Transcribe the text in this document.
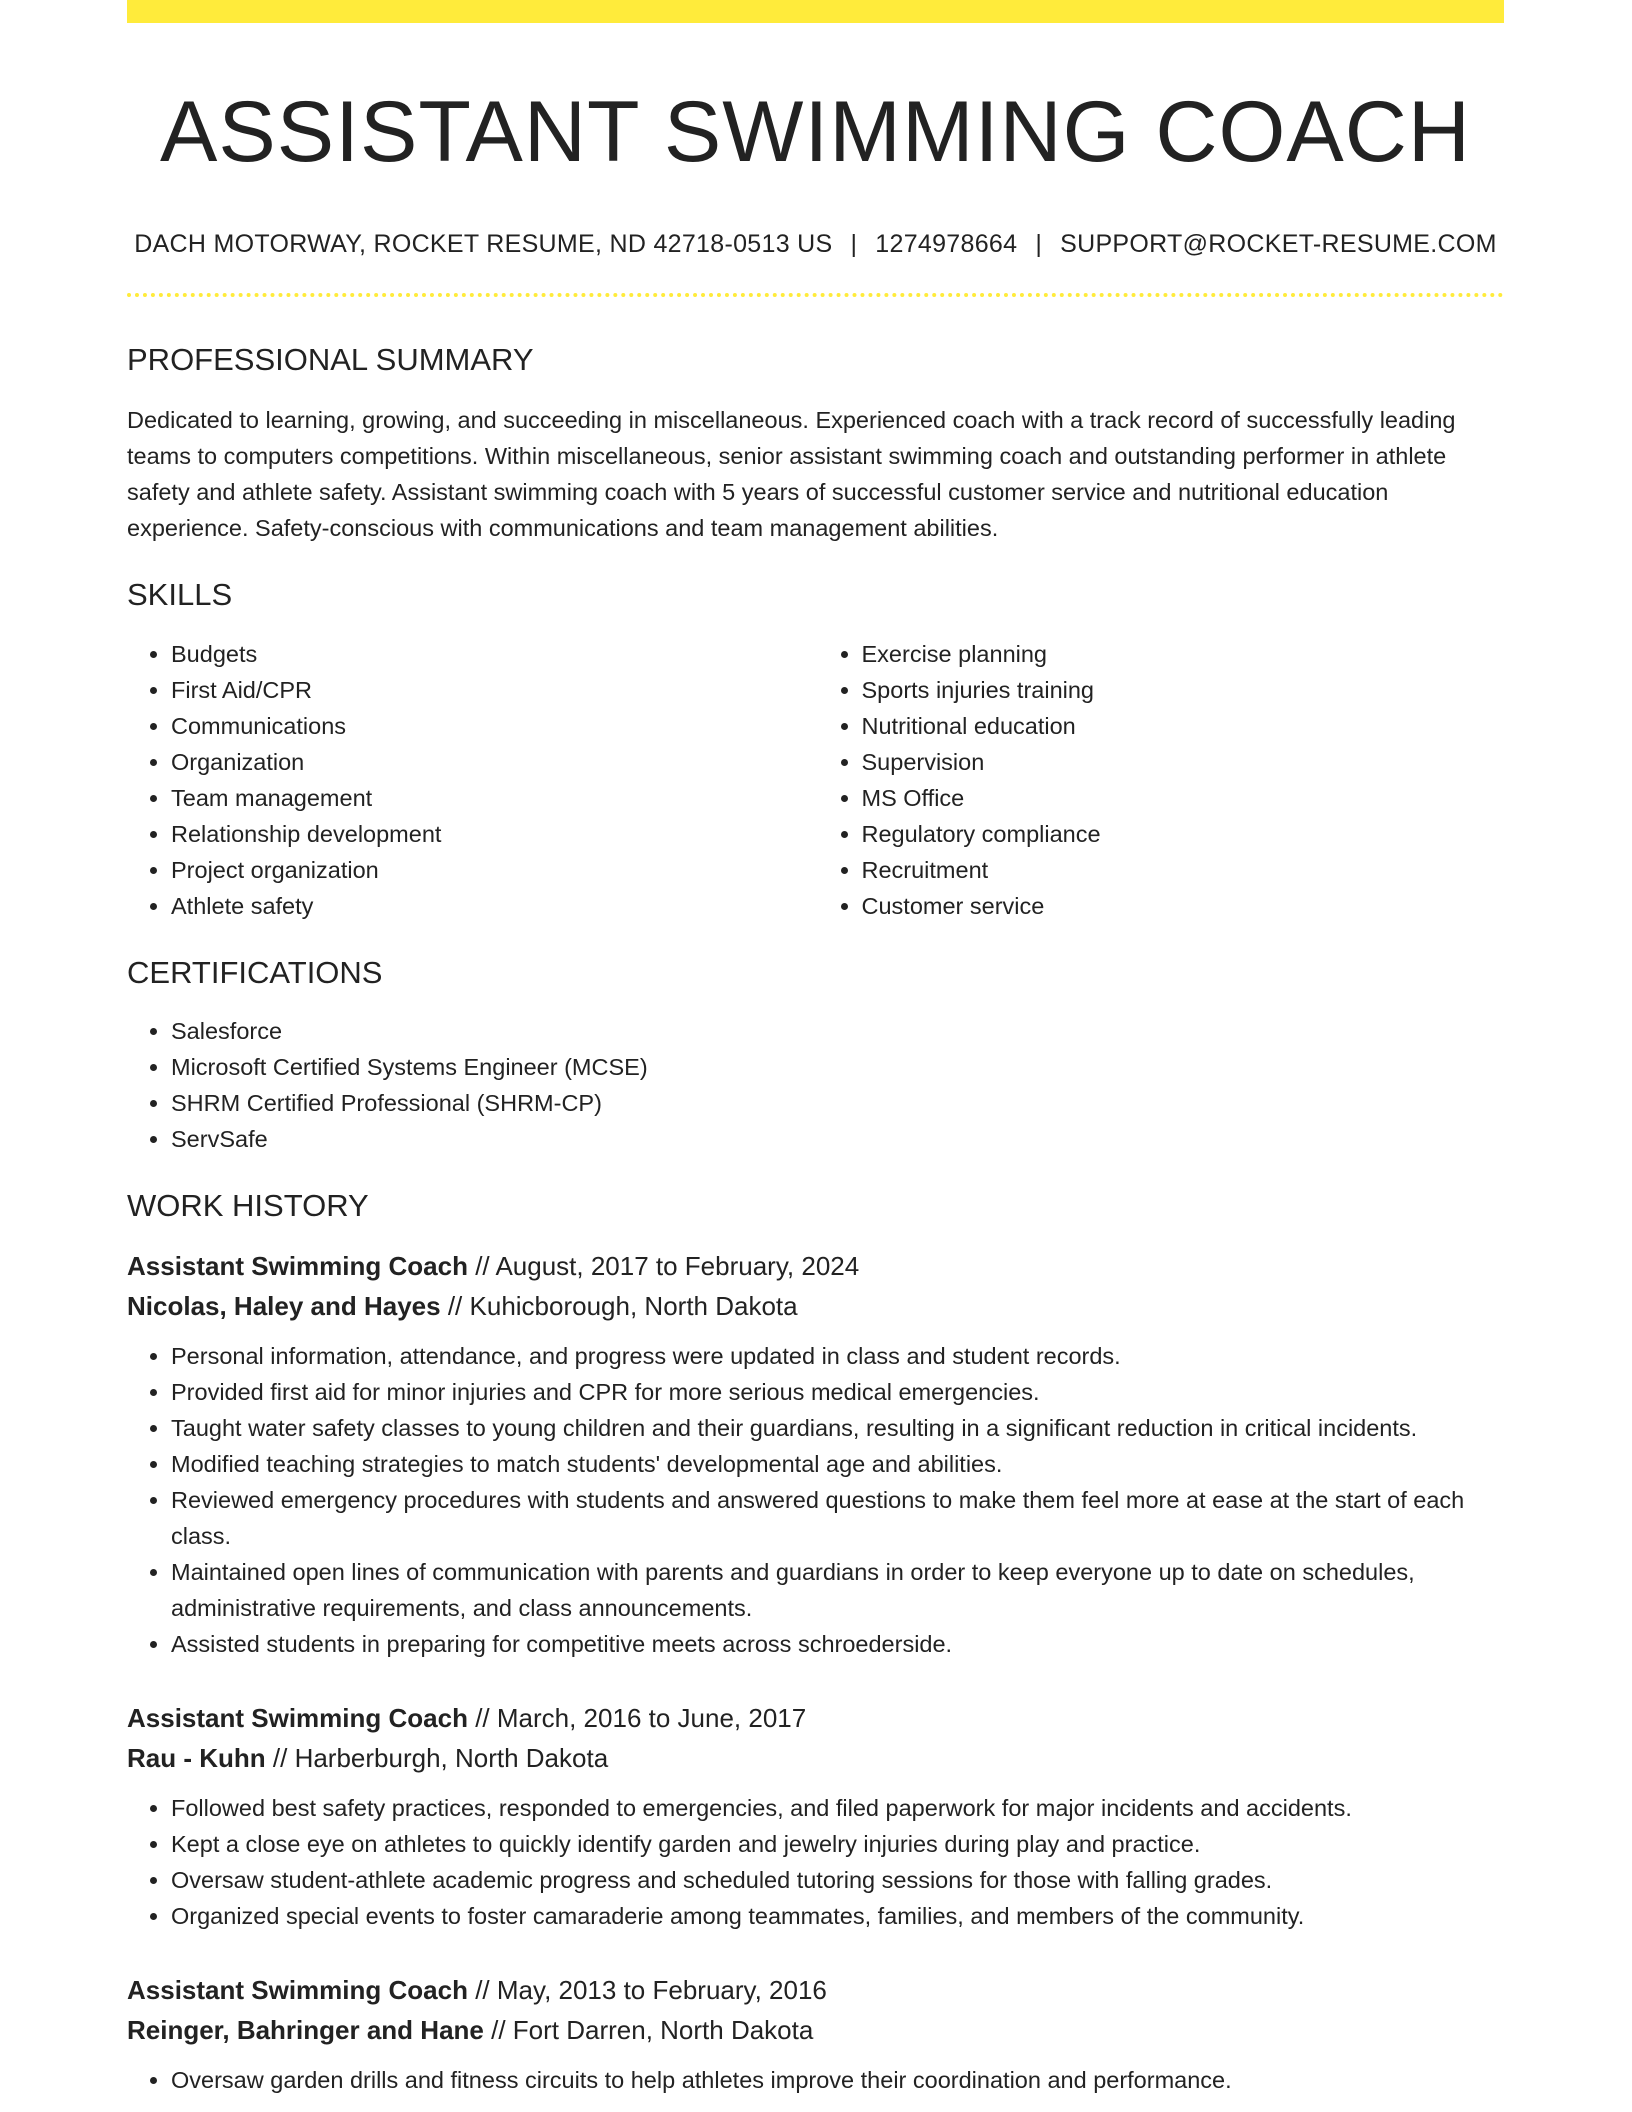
ASSISTANT SWIMMING COACH
DACH MOTORWAY, ROCKET RESUME, ND 42718-0513 US | 1274978664 | SUPPORT@ROCKET-RESUME.COM
PROFESSIONAL SUMMARY
Dedicated to learning, growing, and succeeding in miscellaneous. Experienced coach with a track record of successfully leading teams to computers competitions. Within miscellaneous, senior assistant swimming coach and outstanding performer in athlete safety and athlete safety. Assistant swimming coach with 5 years of successful customer service and nutritional education experience. Safety-conscious with communications and team management abilities.
SKILLS
• Budgets
• First Aid/CPR
• Communications
• Organization
• Team management
• Relationship development
• Project organization
• Athlete safety
• Exercise planning
• Sports injuries training
• Nutritional education
• Supervision
• MS Office
• Regulatory compliance
• Recruitment
• Customer service
CERTIFICATIONS
• Salesforce
• Microsoft Certified Systems Engineer (MCSE)
• SHRM Certified Professional (SHRM-CP)
• ServSafe
WORK HISTORY
Assistant Swimming Coach // August, 2017 to February, 2024
Nicolas, Haley and Hayes // Kuhicborough, North Dakota
• Personal information, attendance, and progress were updated in class and student records.
• Provided first aid for minor injuries and CPR for more serious medical emergencies.
• Taught water safety classes to young children and their guardians, resulting in a significant reduction in critical incidents.
• Modified teaching strategies to match students' developmental age and abilities.
• Reviewed emergency procedures with students and answered questions to make them feel more at ease at the start of each class.
• Maintained open lines of communication with parents and guardians in order to keep everyone up to date on schedules, administrative requirements, and class announcements.
• Assisted students in preparing for competitive meets across schroederside.
Assistant Swimming Coach // March, 2016 to June, 2017
Rau - Kuhn // Harberburgh, North Dakota
• Followed best safety practices, responded to emergencies, and filed paperwork for major incidents and accidents.
• Kept a close eye on athletes to quickly identify garden and jewelry injuries during play and practice.
• Oversaw student-athlete academic progress and scheduled tutoring sessions for those with falling grades.
• Organized special events to foster camaraderie among teammates, families, and members of the community.
Assistant Swimming Coach // May, 2013 to February, 2016
Reinger, Bahringer and Hane // Fort Darren, North Dakota
• Oversaw garden drills and fitness circuits to help athletes improve their coordination and performance.
